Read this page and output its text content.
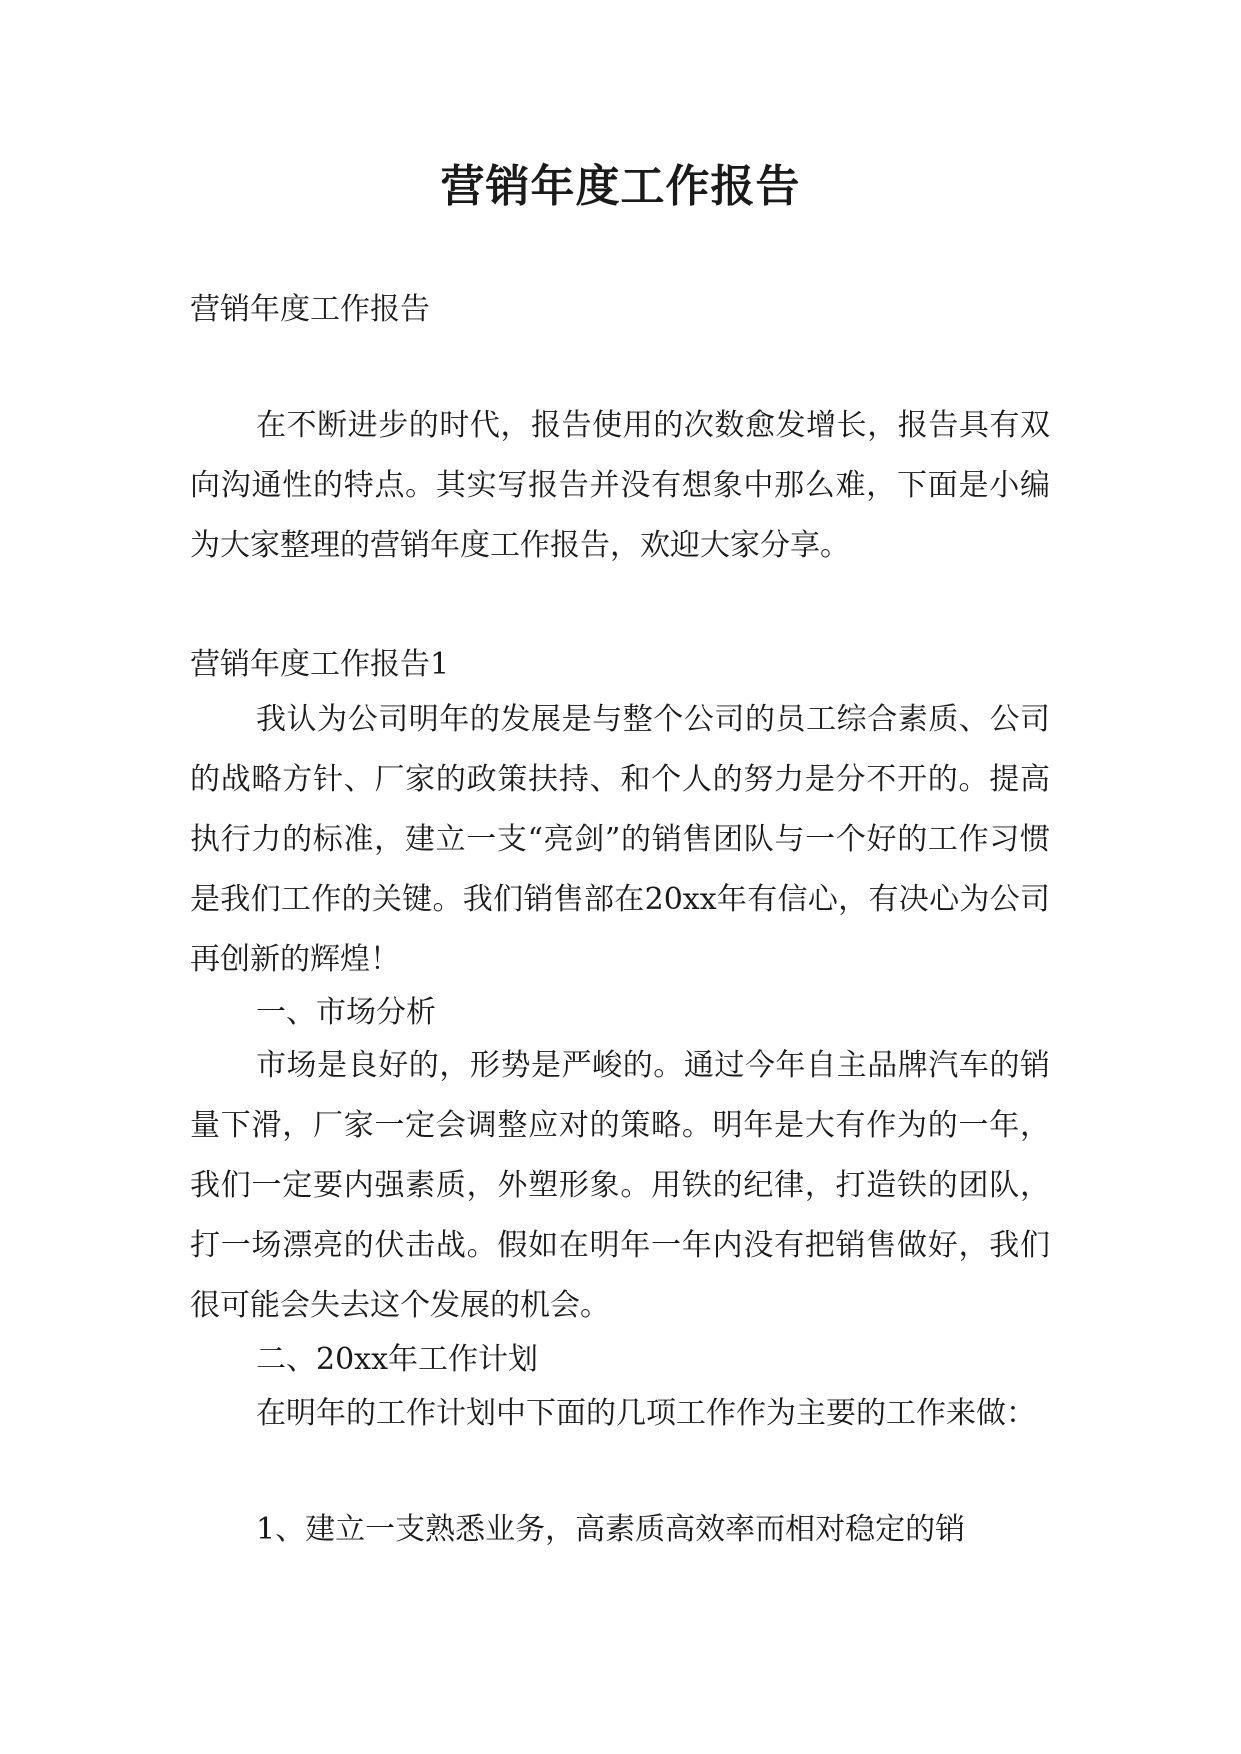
营销年度工作报告

营销年度工作报告

在不断进步的时代，报告使用的次数愈发增长，报告具有双向沟通性的特点。其实写报告并没有想象中那么难，下面是小编为大家整理的营销年度工作报告，欢迎大家分享。

营销年度工作报告1

我认为公司明年的发展是与整个公司的员工综合素质、公司的战略方针、厂家的政策扶持、和个人的努力是分不开的。提高执行力的标准，建立一支“亮剑”的销售团队与一个好的工作习惯是我们工作的关键。我们销售部在20xx年有信心，有决心为公司再创新的辉煌！

一、市场分析

市场是良好的，形势是严峻的。通过今年自主品牌汽车的销量下滑，厂家一定会调整应对的策略。明年是大有作为的一年，我们一定要内强素质，外塑形象。用铁的纪律，打造铁的团队，打一场漂亮的伏击战。假如在明年一年内没有把销售做好，我们很可能会失去这个发展的机会。

二、20xx年工作计划

在明年的工作计划中下面的几项工作作为主要的工作来做：

1、建立一支熟悉业务，高素质高效率而相对稳定的销
